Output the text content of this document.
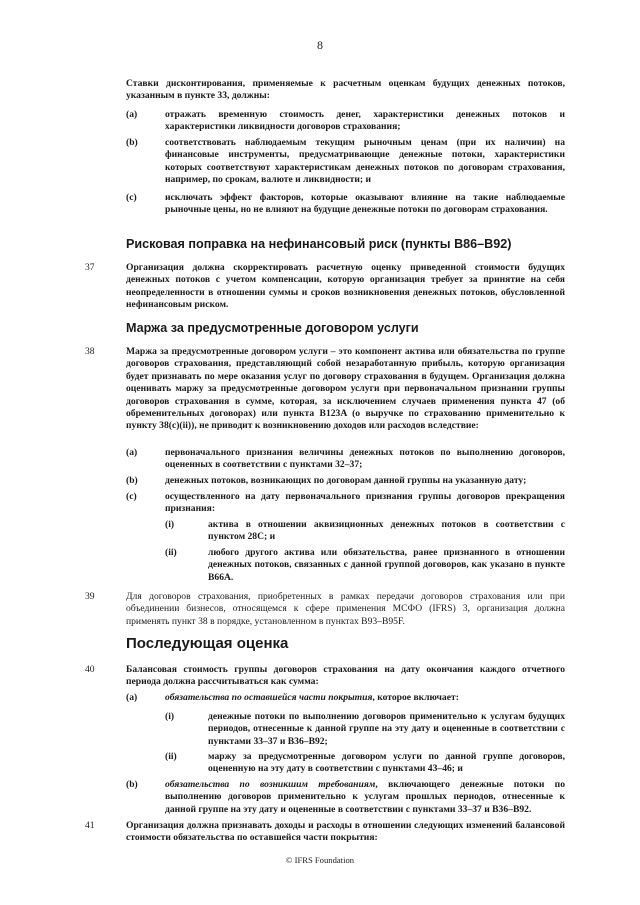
8
Ставки дисконтирования, применяемые к расчетным оценкам будущих денежных потоков, указанным в пункте 33, должны:
(a)	отражать временную стоимость денег, характеристики денежных потоков и характеристики ликвидности договоров страхования;
(b)	соответствовать наблюдаемым текущим рыночным ценам (при их наличии) на финансовые инструменты, предусматривающие денежные потоки, характеристики которых соответствуют характеристикам денежных потоков по договорам страхования, например, по срокам, валюте и ликвидности; и
(c)	исключать эффект факторов, которые оказывают влияние на такие наблюдаемые рыночные цены, но не влияют на будущие денежные потоки по договорам страхования.
Рисковая поправка на нефинансовый риск (пункты B86–B92)
37	Организация должна скорректировать расчетную оценку приведенной стоимости будущих денежных потоков с учетом компенсации, которую организация требует за принятие на себя неопределенности в отношении суммы и сроков возникновения денежных потоков, обусловленной нефинансовым риском.
Маржа за предусмотренные договором услуги
38	Маржа за предусмотренные договором услуги – это компонент актива или обязательства по группе договоров страхования, представляющий собой незаработанную прибыль, которую организация будет признавать по мере оказания услуг по договору страхования в будущем. Организация должна оценивать маржу за предусмотренные договором услуги при первоначальном признании группы договоров страхования в сумме, которая, за исключением случаев применения пункта 47 (об обременительных договорах) или пункта B123A (о выручке по страхованию применительно к пункту 38(c)(ii)), не приводит к возникновению доходов или расходов вследствие:
(a)	первоначального признания величины денежных потоков по выполнению договоров, оцененных в соответствии с пунктами 32–37;
(b)	денежных потоков, возникающих по договорам данной группы на указанную дату;
(c)	осуществленного на дату первоначального признания группы договоров прекращения признания:
(i)	актива в отношении аквизиционных денежных потоков в соответствии с пунктом 28C; и
(ii)	любого другого актива или обязательства, ранее признанного в отношении денежных потоков, связанных с данной группой договоров, как указано в пункте B66A.
39	Для договоров страхования, приобретенных в рамках передачи договоров страхования или при объединении бизнесов, относящемся к сфере применения МСФО (IFRS) 3, организация должна применять пункт 38 в порядке, установленном в пунктах B93–B95F.
Последующая оценка
40	Балансовая стоимость группы договоров страхования на дату окончания каждого отчетного периода должна рассчитываться как сумма:
(a)	обязательства по оставшейся части покрытия, которое включает:
(i)	денежные потоки по выполнению договоров применительно к услугам будущих периодов, отнесенные к данной группе на эту дату и оцененные в соответствии с пунктами 33–37 и B36–B92;
(ii)	маржу за предусмотренные договором услуги по данной группе договоров, оцененную на эту дату в соответствии с пунктами 43–46; и
(b)	обязательства по возникшим требованиям, включающего денежные потоки по выполнению договоров применительно к услугам прошлых периодов, отнесенные к данной группе на эту дату и оцененные в соответствии с пунктами 33–37 и B36–B92.
41	Организация должна признавать доходы и расходы в отношении следующих изменений балансовой стоимости обязательства по оставшейся части покрытия:
© IFRS Foundation
